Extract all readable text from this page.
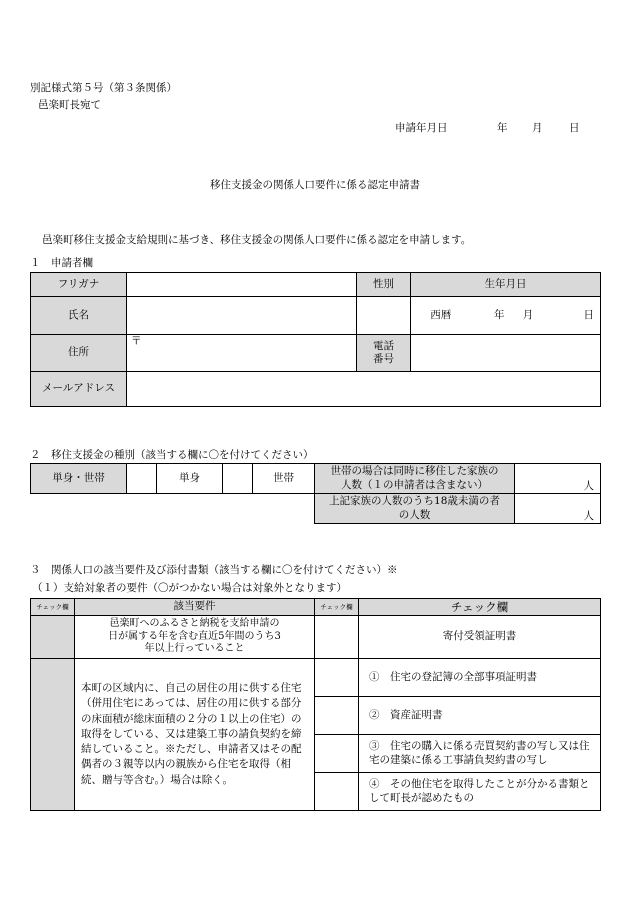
別記様式第５号（第３条関係）
邑楽町長宛て
申請年月日	年 月	日
移住支援金の関係人口要件に係る認定申請書
邑楽町移住支援金支給規則に基づき、移住支援金の関係人口要件に係る認定を申請します。
１　申請者欄
フリガナ		性別	生年月日			
氏名			西暦	年	月	日
住所	〒	電話番号				
メールアドレス						
２　移住支援金の種別（該当する欄に〇を付けてください）
単身・世帯		単身		世帯	世帯の場合は同時に移住した家族の人数（１の申請者は含まない）	人
					上記家族の人数のうち18歳未満の者の人数	人
３　関係人口の該当要件及び添付書類（該当する欄に〇を付けてください）※
（１）支給対象者の要件（〇がつかない場合は対象外となります）
チェック欄	該当要件	チェック欄	チェック欄
	邑楽町へのふるさと納税を支給申請の日が属する年を含む直近5年間のうち3年以上行っていること		寄付受領証明書
	本町の区域内に、自己の居住の用に供する住宅（併用住宅にあっては、居住の用に供する部分の床面積が総床面積の２分の１以上の住宅）の取得をしている、又は建築工事の請負契約を締結していること。※ただし、申請者又はその配偶者の３親等以内の親族から住宅を取得（相続、贈与等含む。）場合は除く。		①　住宅の登記簿の全部事項証明書
			②　資産証明書
			③　住宅の購入に係る売買契約書の写し又は住宅の建築に係る工事請負契約書の写し
			④　その他住宅を取得したことが分かる書類として町長が認めたもの
